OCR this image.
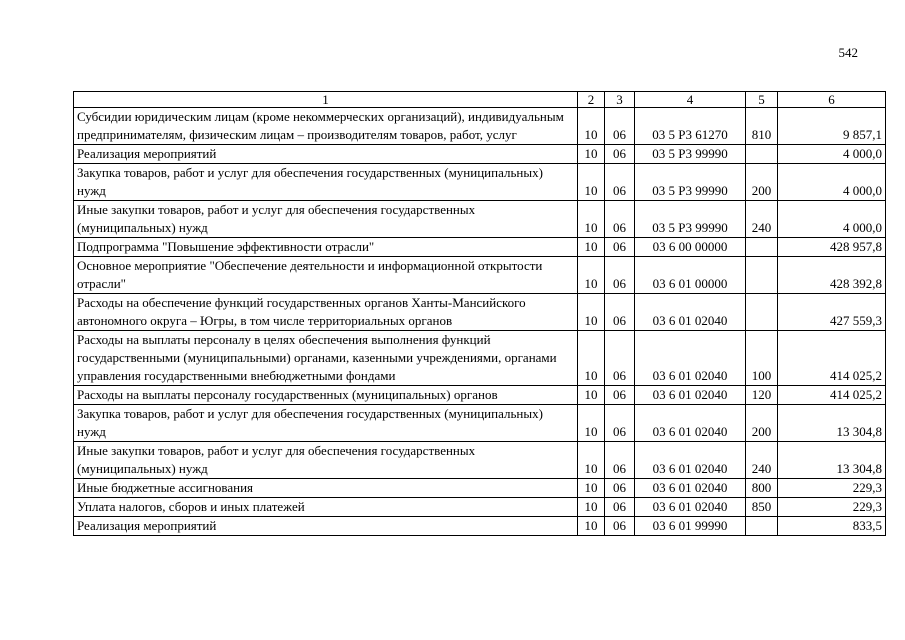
542
1	2	3	4	5	6
Субсидии юридическим лицам (кроме некоммерческих организаций), индивидуальным предпринимателям, физическим лицам – производителям товаров, работ, услуг	10	06	03 5 P3 61270	810	9 857,1
Реализация мероприятий	10	06	03 5 P3 99990		4 000,0
Закупка товаров, работ и услуг для обеспечения государственных (муниципальных) нужд	10	06	03 5 P3 99990	200	4 000,0
Иные закупки товаров, работ и услуг для обеспечения государственных (муниципальных) нужд	10	06	03 5 P3 99990	240	4 000,0
Подпрограмма "Повышение эффективности отрасли"	10	06	03 6 00 00000		428 957,8
Основное мероприятие "Обеспечение деятельности и информационной открытости отрасли"	10	06	03 6 01 00000		428 392,8
Расходы на обеспечение функций государственных органов Ханты-Мансийского автономного округа – Югры, в том числе территориальных органов	10	06	03 6 01 02040		427 559,3
Расходы на выплаты персоналу в целях обеспечения выполнения функций государственными (муниципальными) органами, казенными учреждениями, органами управления государственными внебюджетными фондами	10	06	03 6 01 02040	100	414 025,2
Расходы на выплаты персоналу государственных (муниципальных) органов	10	06	03 6 01 02040	120	414 025,2
Закупка товаров, работ и услуг для обеспечения государственных (муниципальных) нужд	10	06	03 6 01 02040	200	13 304,8
Иные закупки товаров, работ и услуг для обеспечения государственных (муниципальных) нужд	10	06	03 6 01 02040	240	13 304,8
Иные бюджетные ассигнования	10	06	03 6 01 02040	800	229,3
Уплата налогов, сборов и иных платежей	10	06	03 6 01 02040	850	229,3
Реализация мероприятий	10	06	03 6 01 99990		833,5
